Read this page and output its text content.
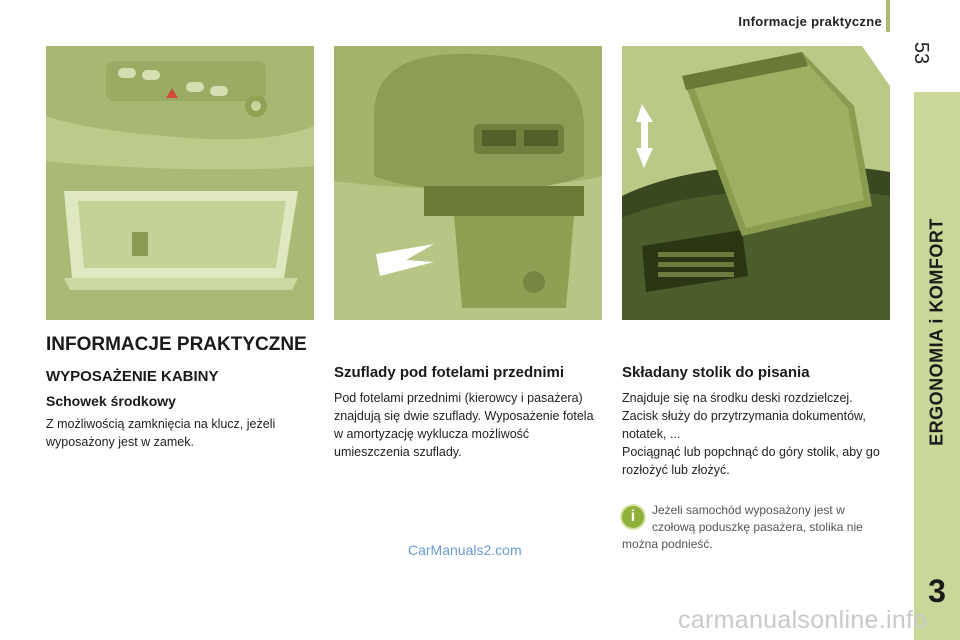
Informacje praktyczne
53
ERGONOMIA i KOMFORT
3
INFORMACJE PRAKTYCZNE
WYPOSAŻENIE KABINY
Schowek środkowy

Z możliwością zamknięcia na klucz, jeżeli wyposażony jest w zamek.

Szuflady pod fotelami przednimi

Pod fotelami przednimi (kierowcy i pasażera) znajdują się dwie szuflady. Wyposażenie fotela w amortyzację wyklucza możliwość umieszczenia szuflady.

Składany stolik do pisania

Znajduje się na środku deski rozdzielczej.

Zacisk służy do przytrzymania dokumentów, notatek, ...

Pociągnąć lub popchnąć do góry stolik, aby go rozłożyć lub złożyć.

i	Jeżeli samochód wyposażony jest w czołową poduszkę pasażera, stolika nie można podnieść.
CarManuals2.com
carmanualsonline.info
